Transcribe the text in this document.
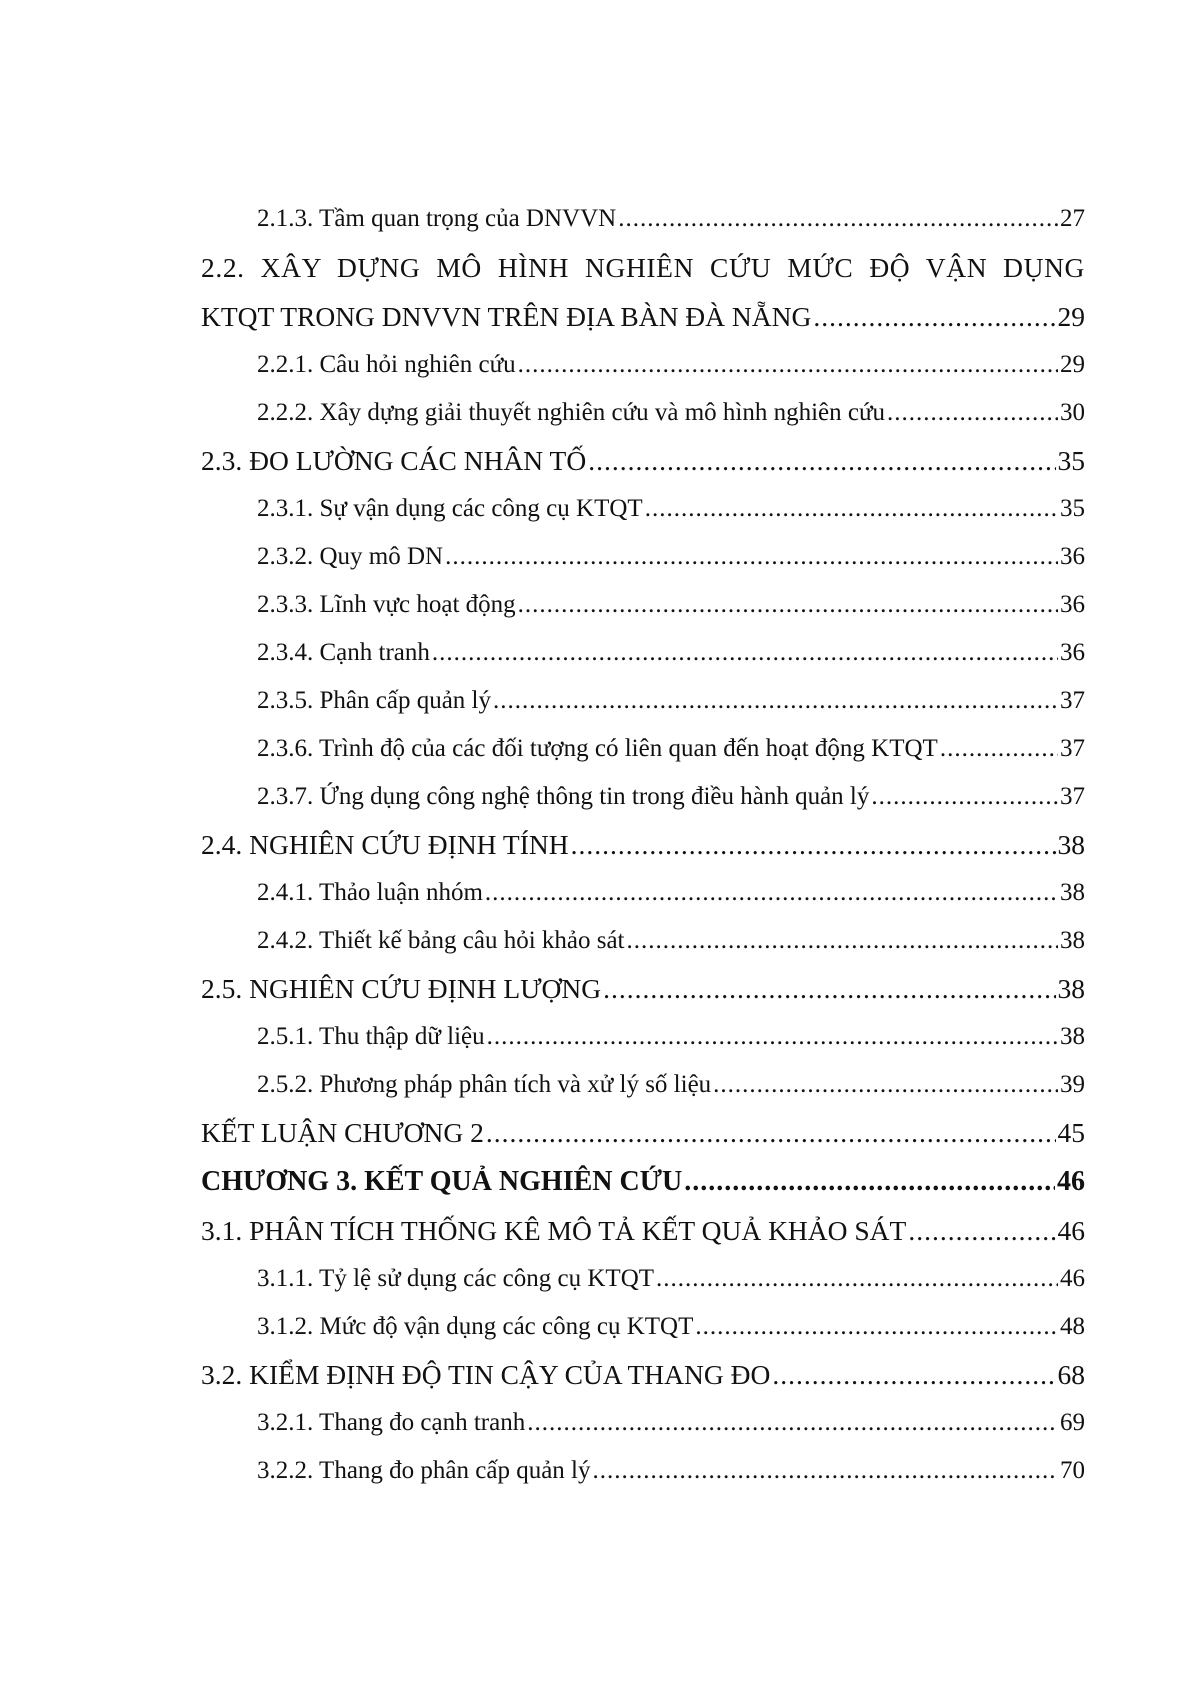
2.1.3. Tầm quan trọng của DNVVN .....	27
2.2. XÂY DỰNG MÔ HÌNH NGHIÊN CỨU MỨC ĐỘ VẬN DỤNG
KTQT TRONG DNVVN TRÊN ĐỊA BÀN ĐÀ NẴNG .....	29
2.2.1. Câu hỏi nghiên cứu .....	29
2.2.2. Xây dựng giải thuyết nghiên cứu và mô hình nghiên cứu .....	30
2.3. ĐO LƯỜNG CÁC NHÂN TỐ .....	35
2.3.1. Sự vận dụng các công cụ KTQT .....	35
2.3.2. Quy mô DN .....	36
2.3.3. Lĩnh vực hoạt động .....	36
2.3.4. Cạnh tranh .....	36
2.3.5. Phân cấp quản lý .....	37
2.3.6. Trình độ của các đối tượng có liên quan đến hoạt động KTQT .....	37
2.3.7. Ứng dụng công nghệ thông tin trong điều hành quản lý .....	37
2.4. NGHIÊN CỨU ĐỊNH TÍNH .....	38
2.4.1. Thảo luận nhóm .....	38
2.4.2. Thiết kế bảng câu hỏi khảo sát .....	38
2.5. NGHIÊN CỨU ĐỊNH LƯỢNG .....	38
2.5.1. Thu thập dữ liệu .....	38
2.5.2. Phương pháp phân tích và xử lý số liệu .....	39
KẾT LUẬN CHƯƠNG 2 .....	45
CHƯƠNG 3. KẾT QUẢ NGHIÊN CỨU .....	46
3.1. PHÂN TÍCH THỐNG KÊ MÔ TẢ KẾT QUẢ KHẢO SÁT .....	46
3.1.1. Tỷ lệ sử dụng các công cụ KTQT .....	46
3.1.2. Mức độ vận dụng các công cụ KTQT .....	48
3.2. KIỂM ĐỊNH ĐỘ TIN CẬY CỦA THANG ĐO .....	68
3.2.1. Thang đo cạnh tranh .....	69
3.2.2. Thang đo phân cấp quản lý .....	70
